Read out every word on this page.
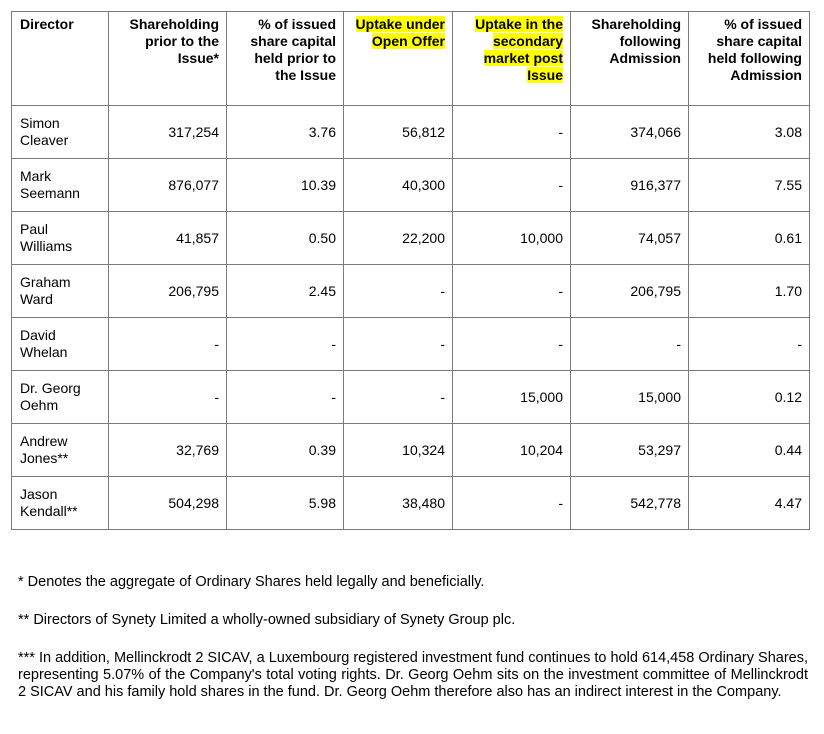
Director	Shareholding prior to the Issue*	% of issued share capital held prior to the Issue	Uptake under Open Offer	Uptake in the secondary market post Issue	Shareholding following Admission	% of issued share capital held following Admission
Simon Cleaver	317,254	3.76	56,812	-	374,066	3.08
Mark Seemann	876,077	10.39	40,300	-	916,377	7.55
Paul Williams	41,857	0.50	22,200	10,000	74,057	0.61
Graham Ward	206,795	2.45	-	-	206,795	1.70
David Whelan	-	-	-	-	-	-
Dr. Georg Oehm	-	-	-	15,000	15,000	0.12
Andrew Jones**	32,769	0.39	10,324	10,204	53,297	0.44
Jason Kendall**	504,298	5.98	38,480	-	542,778	4.47
* Denotes the aggregate of Ordinary Shares held legally and beneficially.
** Directors of Synety Limited a wholly-owned subsidiary of Synety Group plc.
*** In addition, Mellinckrodt 2 SICAV, a Luxembourg registered investment fund continues to hold 614,458 Ordinary Shares, representing 5.07% of the Company's total voting rights. Dr. Georg Oehm sits on the investment committee of Mellinckrodt 2 SICAV and his family hold shares in the fund. Dr. Georg Oehm therefore also has an indirect interest in the Company.
